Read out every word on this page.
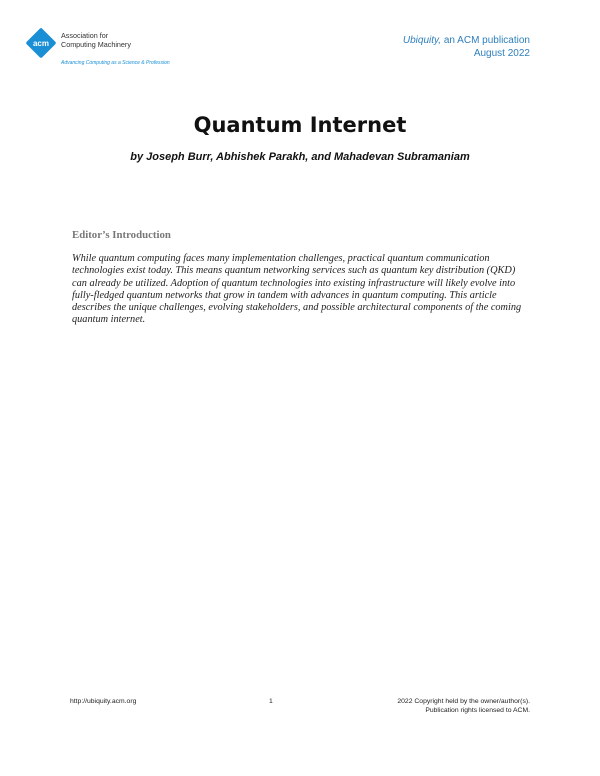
acm
Association for
Computing Machinery
Advancing Computing as a Science & Profession
Ubiquity, an ACM publication
August 2022
Quantum Internet
by Joseph Burr, Abhishek Parakh, and Mahadevan Subramaniam
Editor’s Introduction
While quantum computing faces many implementation challenges, practical quantum communication technologies exist today. This means quantum networking services such as quantum key distribution (QKD) can already be utilized. Adoption of quantum technologies into existing infrastructure will likely evolve into fully-fledged quantum networks that grow in tandem with advances in quantum computing. This article describes the unique challenges, evolving stakeholders, and possible architectural components of the coming quantum internet.
http://ubiquity.acm.org	1	2022 Copyright held by the owner/author(s).
Publication rights licensed to ACM.
